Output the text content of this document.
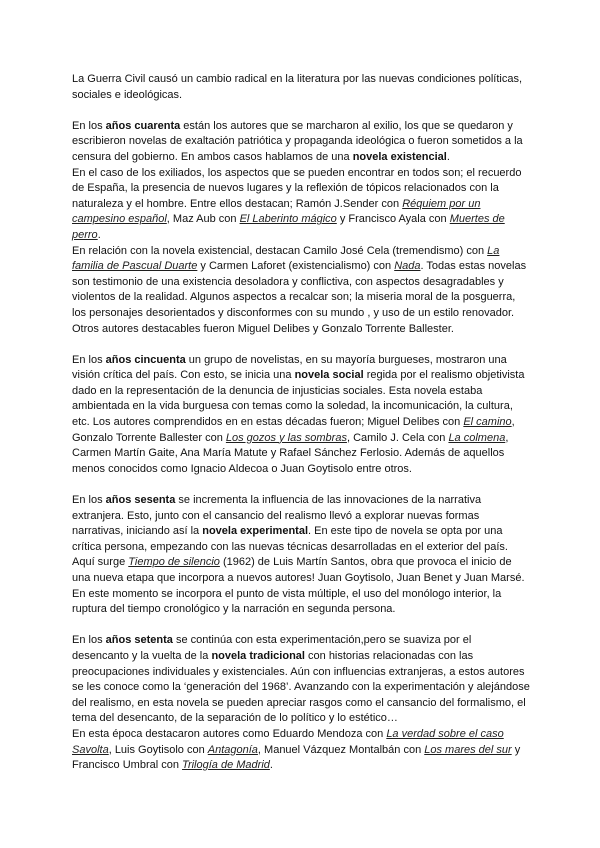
La Guerra Civil causó un cambio radical en la literatura por las nuevas condiciones políticas, sociales e ideológicas.

En los años cuarenta están los autores que se marcharon al exilio, los que se quedaron y escribieron novelas de exaltación patriótica y propaganda ideológica o fueron sometidos a la censura del gobierno. En ambos casos hablamos de una novela existencial.

En el caso de los exiliados, los aspectos que se pueden encontrar en todos son; el recuerdo de España, la presencia de nuevos lugares y la reflexión de tópicos relacionados con la naturaleza y el hombre. Entre ellos destacan; Ramón J.Sender con Réquiem por un campesino español, Maz Aub con El Laberinto mágico y Francisco Ayala con Muertes de perro.

En relación con la novela existencial, destacan Camilo José Cela (tremendismo) con La familia de Pascual Duarte y Carmen Laforet (existencialismo) con Nada. Todas estas novelas son testimonio de una existencia desoladora y conflictiva, con aspectos desagradables y violentos de la realidad. Algunos aspectos a recalcar son; la miseria moral de la posguerra, los personajes desorientados y disconformes con su mundo , y uso de un estilo renovador. Otros autores destacables fueron Miguel Delibes y Gonzalo Torrente Ballester.

En los años cincuenta un grupo de novelistas, en su mayoría burgueses, mostraron una visión crítica del país. Con esto, se inicia una novela social regida por el realismo objetivista dado en la representación de la denuncia de injusticias sociales. Esta novela estaba ambientada en la vida burguesa con temas como la soledad, la incomunicación, la cultura, etc. Los autores comprendidos en en estas décadas fueron; Miguel Delibes con El camino, Gonzalo Torrente Ballester con Los gozos y las sombras, Camilo J. Cela con La colmena, Carmen Martín Gaite, Ana María Matute y Rafael Sánchez Ferlosio. Además de aquellos menos conocidos como Ignacio Aldecoa o Juan Goytisolo entre otros.

En los años sesenta se incrementa la influencia de las innovaciones de la narrativa extranjera. Esto, junto con el cansancio del realismo llevó a explorar nuevas formas narrativas, iniciando así la novela experimental. En este tipo de novela se opta por una crítica persona, empezando con las nuevas técnicas desarrolladas en el exterior del país. Aquí surge Tiempo de silencio (1962) de Luis Martín Santos, obra que provoca el inicio de una nueva etapa que incorpora a nuevos autores! Juan Goytisolo, Juan Benet y Juan Marsé. En este momento se incorpora el punto de vista múltiple, el uso del monólogo interior, la ruptura del tiempo cronológico y la narración en segunda persona.

En los años setenta se continúa con esta experimentación,pero se suaviza por el desencanto y la vuelta de la novela tradicional con historias relacionadas con las preocupaciones individuales y existenciales. Aún con influencias extranjeras, a estos autores se les conoce como la ‘generación del 1968’. Avanzando con la experimentación y alejándose del realismo, en esta novela se pueden apreciar rasgos como el cansancio del formalismo, el tema del desencanto, de la separación de lo político y lo estético…

En esta época destacaron autores como Eduardo Mendoza con La verdad sobre el caso Savolta, Luis Goytisolo con Antagonía, Manuel Vázquez Montalbán con Los mares del sur y Francisco Umbral con Trilogía de Madrid.
